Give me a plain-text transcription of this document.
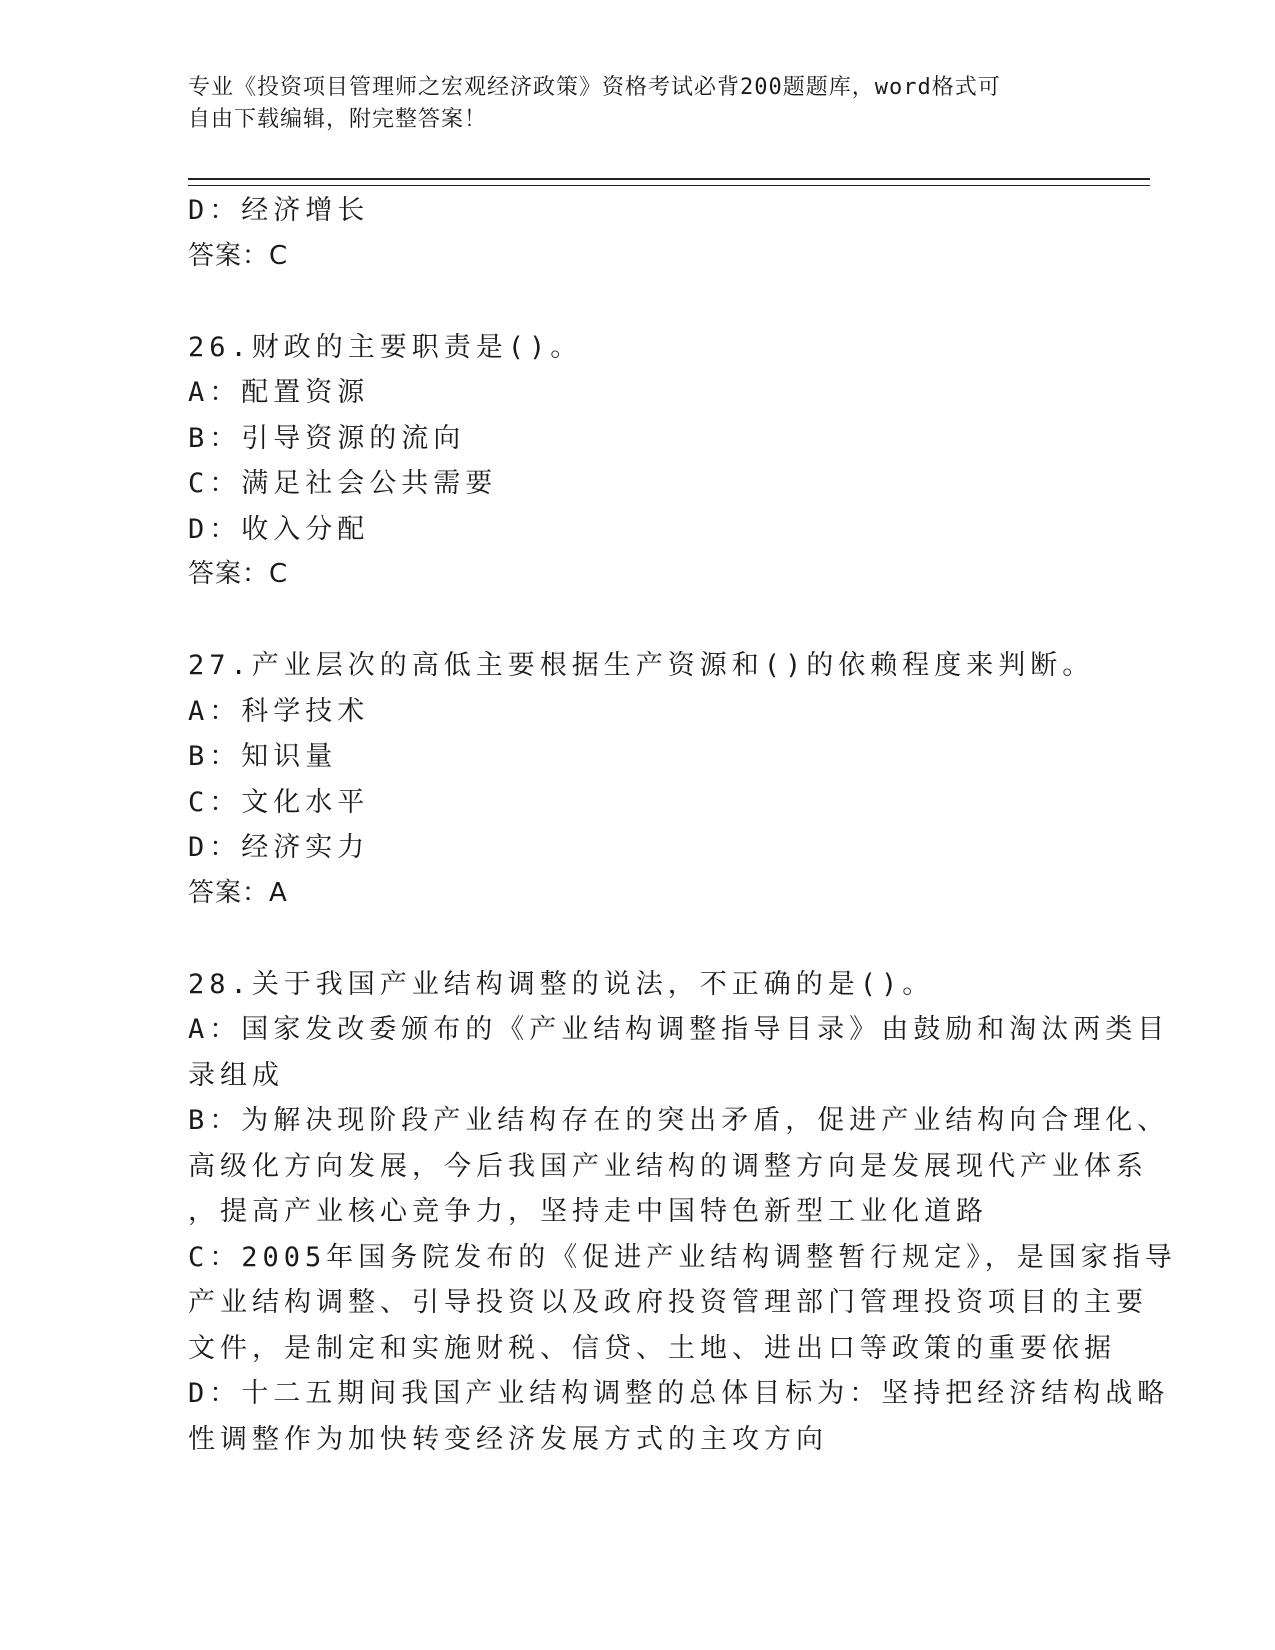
专业《投资项目管理师之宏观经济政策》资格考试必背200题题库，word格式可
自由下载编辑，附完整答案！
D：经济增长
答案：C
26.财政的主要职责是()。
A：配置资源
B：引导资源的流向
C：满足社会公共需要
D：收入分配
答案：C
27.产业层次的高低主要根据生产资源和()的依赖程度来判断。
A：科学技术
B：知识量
C：文化水平
D：经济实力
答案：A
28.关于我国产业结构调整的说法，不正确的是()。
A：国家发改委颁布的《产业结构调整指导目录》由鼓励和淘汰两类目
录组成
B：为解决现阶段产业结构存在的突出矛盾，促进产业结构向合理化、
高级化方向发展，今后我国产业结构的调整方向是发展现代产业体系
，提高产业核心竞争力，坚持走中国特色新型工业化道路
C：2005年国务院发布的《促进产业结构调整暂行规定》，是国家指导
产业结构调整、引导投资以及政府投资管理部门管理投资项目的主要
文件，是制定和实施财税、信贷、土地、进出口等政策的重要依据
D：十二五期间我国产业结构调整的总体目标为：坚持把经济结构战略
性调整作为加快转变经济发展方式的主攻方向
